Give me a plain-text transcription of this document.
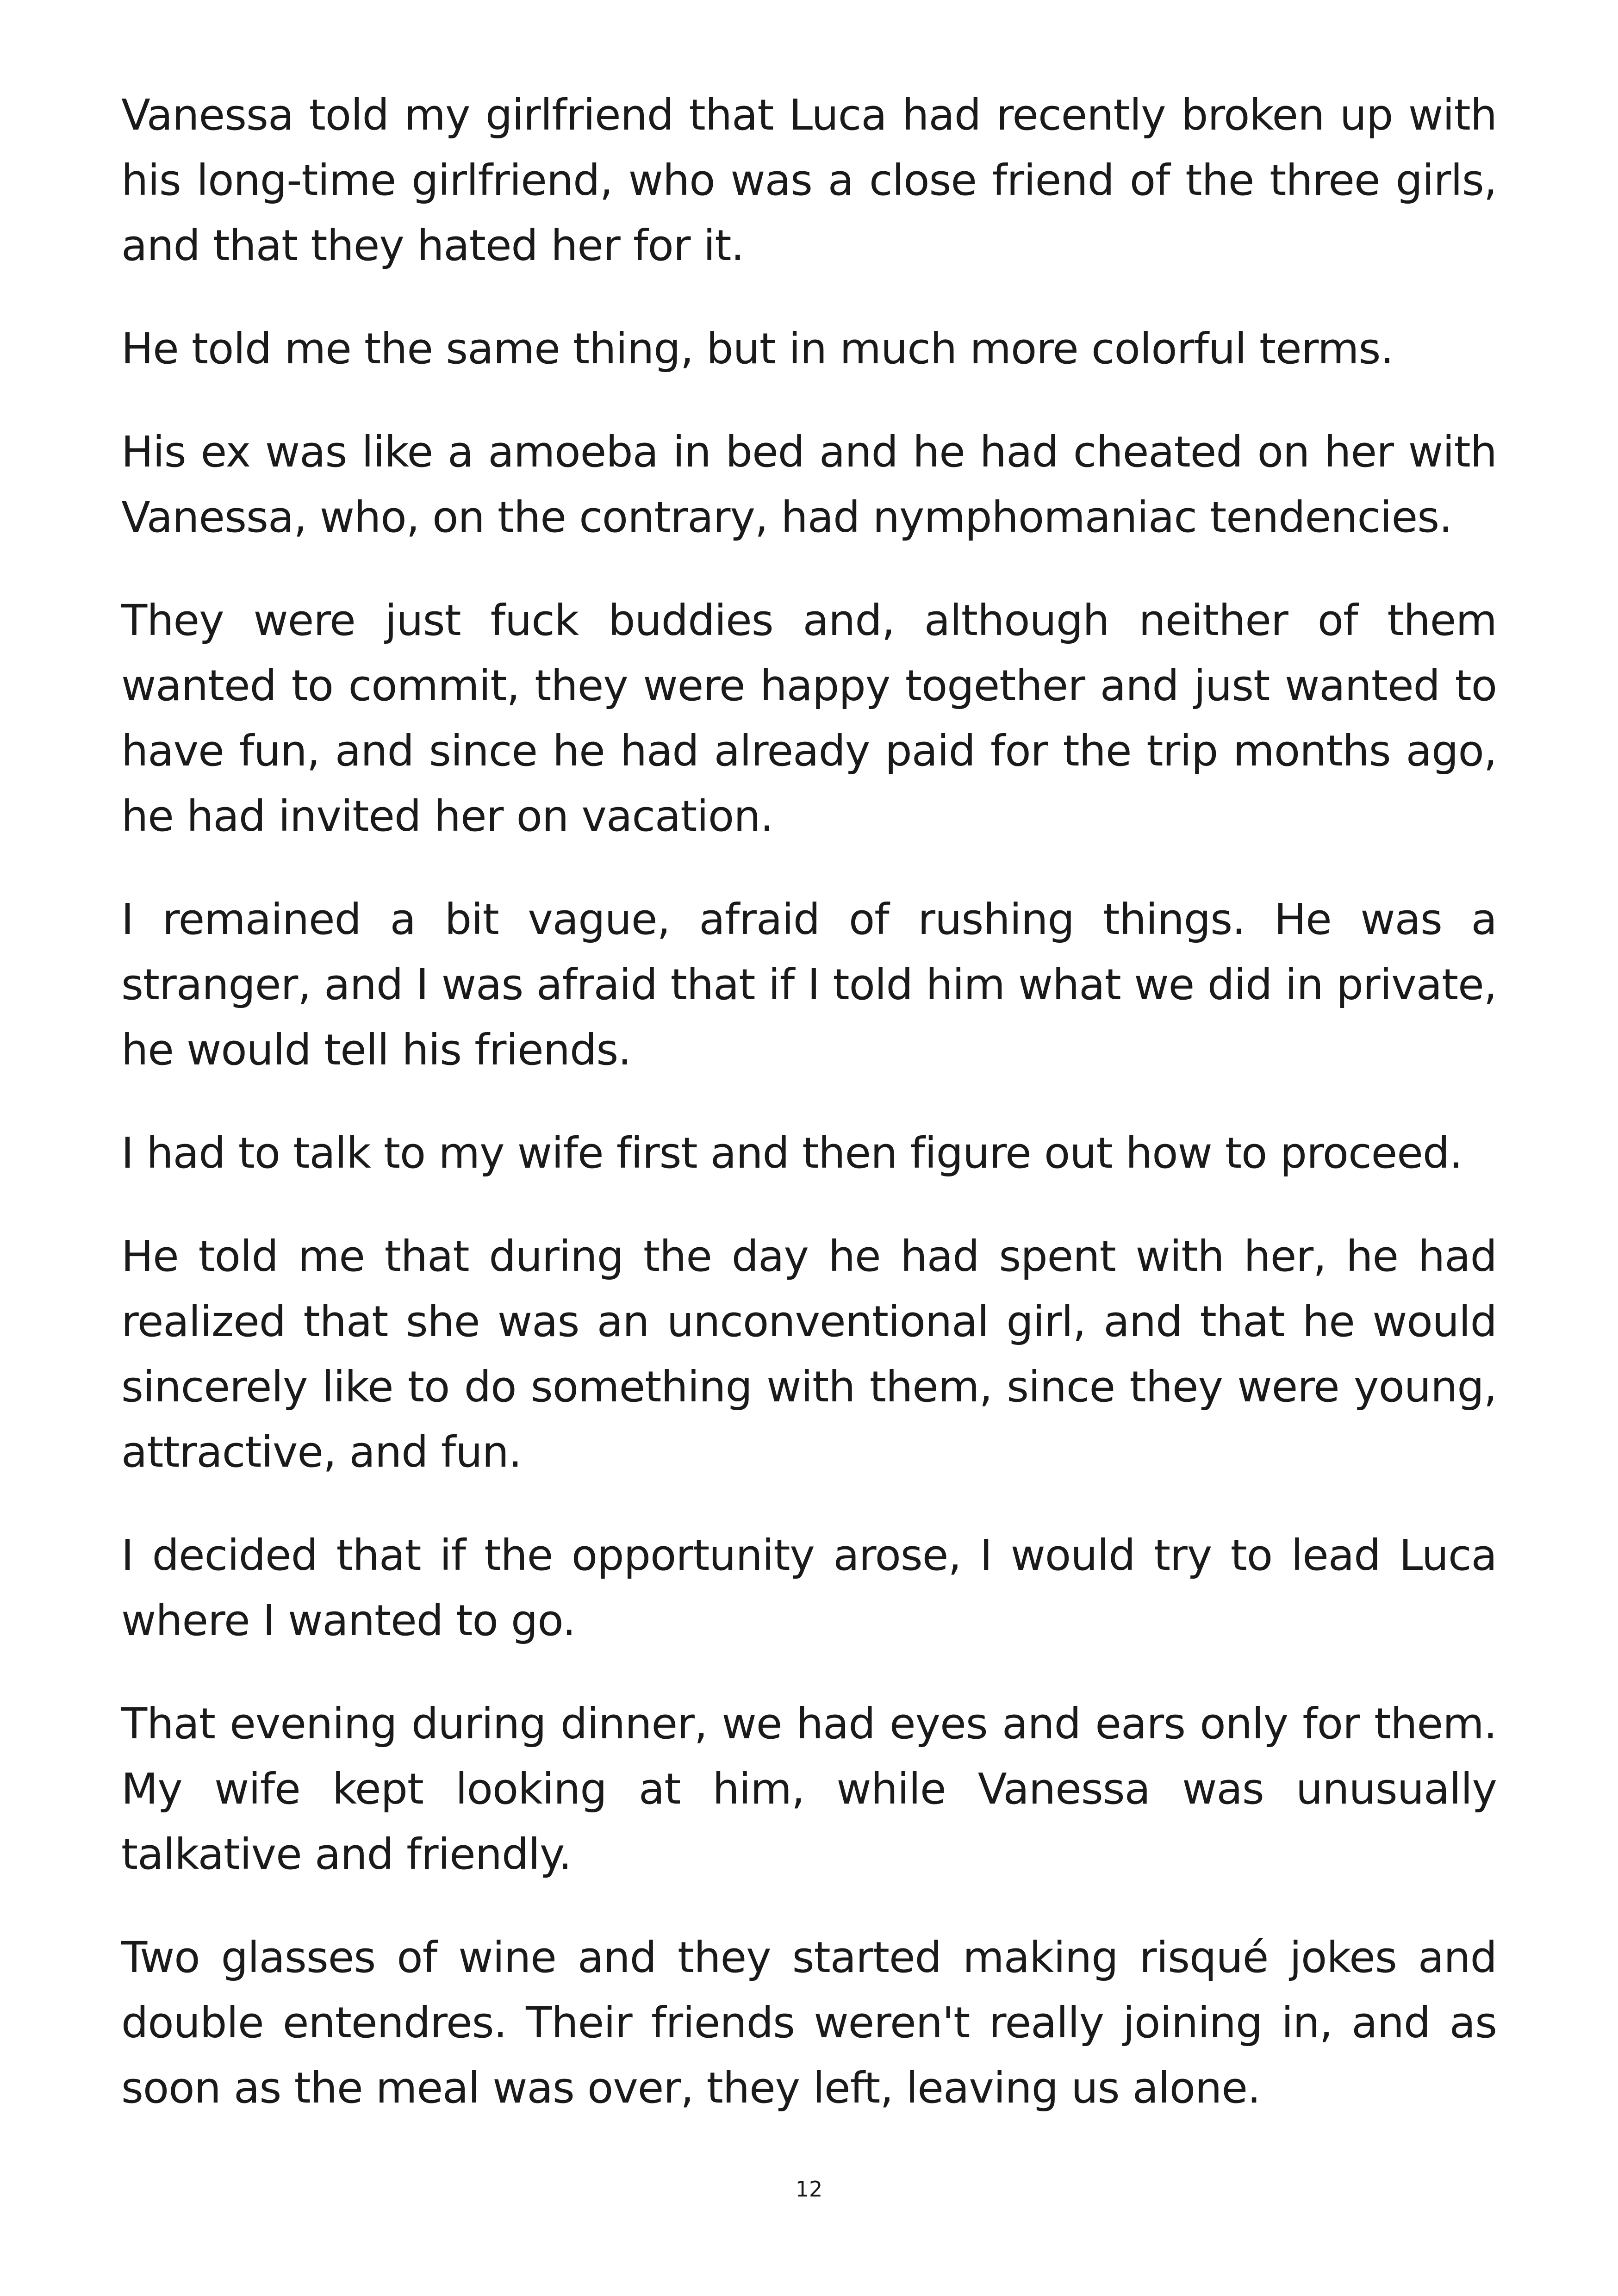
Vanessa told my girlfriend that Luca had recently broken up with his long-time girlfriend, who was a close friend of the three girls, and that they hated her for it.

He told me the same thing, but in much more colorful terms.

His ex was like a amoeba in bed and he had cheated on her with Vanessa, who, on the contrary, had nymphomaniac tendencies.

They were just fuck buddies and, although neither of them wanted to commit, they were happy together and just wanted to have fun, and since he had already paid for the trip months ago, he had invited her on vacation.

I remained a bit vague, afraid of rushing things. He was a stranger, and I was afraid that if I told him what we did in private, he would tell his friends.

I had to talk to my wife first and then figure out how to proceed.

He told me that during the day he had spent with her, he had realized that she was an unconventional girl, and that he would sincerely like to do something with them, since they were young, attractive, and fun.

I decided that if the opportunity arose, I would try to lead Luca where I wanted to go.

That evening during dinner, we had eyes and ears only for them. My wife kept looking at him, while Vanessa was unusually talkative and friendly.

Two glasses of wine and they started making risqué jokes and double entendres. Their friends weren't really joining in, and as soon as the meal was over, they left, leaving us alone.

12
